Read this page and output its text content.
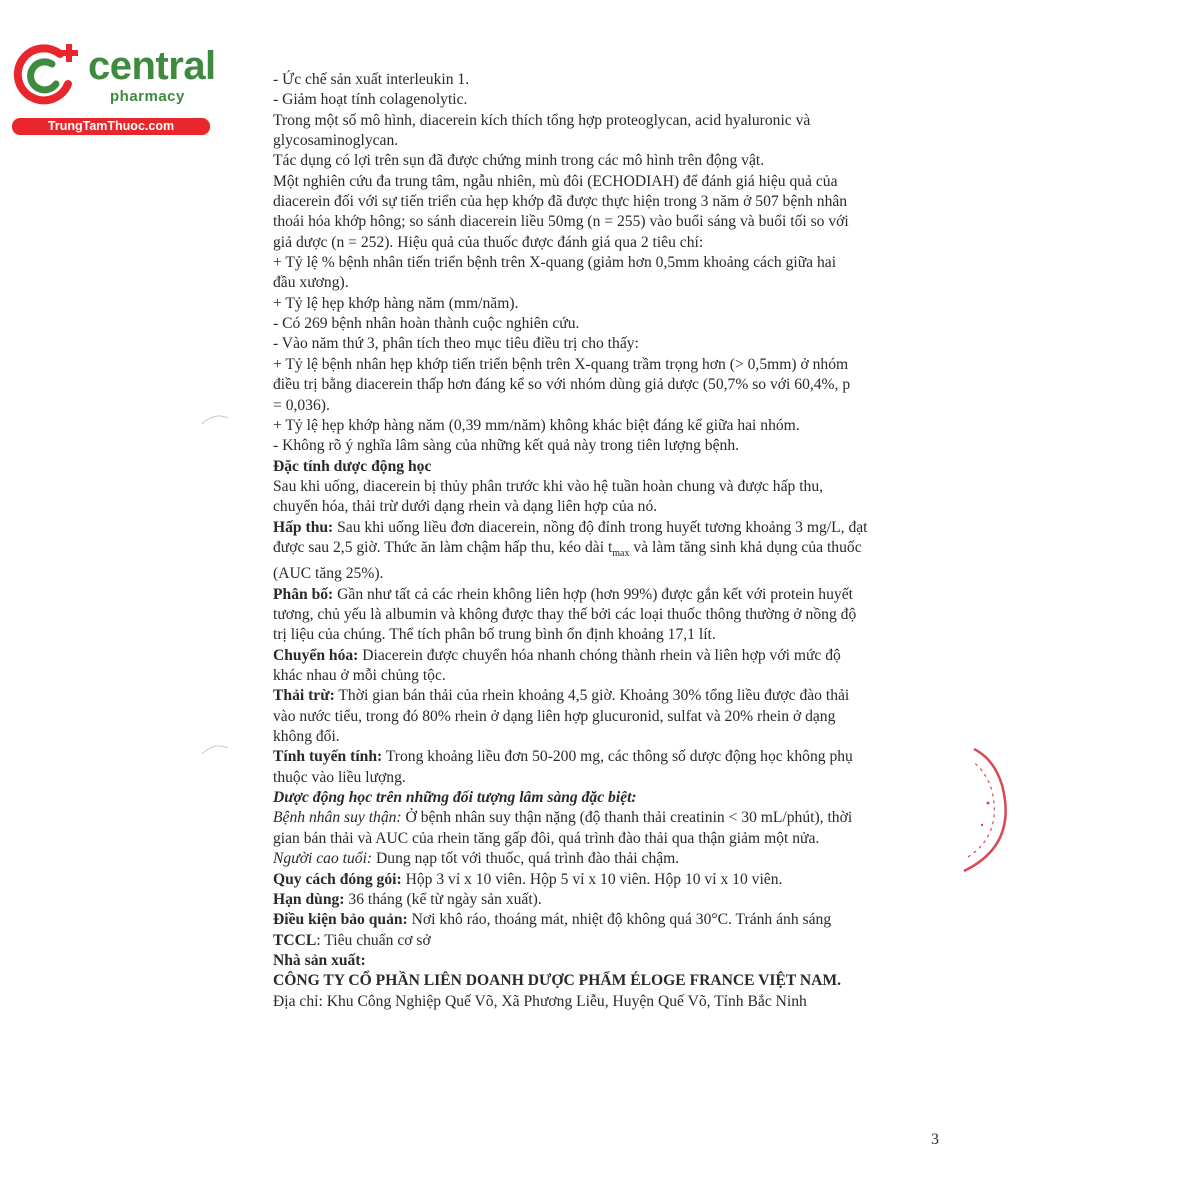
central
pharmacy
TrungTamThuoc.com

- Ức chế sản xuất interleukin 1.

- Giảm hoạt tính colagenolytic.

Trong một số mô hình, diacerein kích thích tổng hợp proteoglycan, acid hyaluronic và

glycosaminoglycan.

Tác dụng có lợi trên sụn đã được chứng minh trong các mô hình trên động vật.

Một nghiên cứu đa trung tâm, ngẫu nhiên, mù đôi (ECHODIAH) để đánh giá hiệu quả của

diacerein đối với sự tiến triển của hẹp khớp đã được thực hiện trong 3 năm ở 507 bệnh nhân

thoái hóa khớp hông; so sánh diacerein liều 50mg (n = 255) vào buổi sáng và buổi tối so với

giả dược (n = 252). Hiệu quả của thuốc được đánh giá qua 2 tiêu chí:

+ Tỷ lệ % bệnh nhân tiến triển bệnh trên X-quang (giảm hơn 0,5mm khoảng cách giữa hai

đầu xương).

+ Tỷ lệ hẹp khớp hàng năm (mm/năm).

- Có 269 bệnh nhân hoàn thành cuộc nghiên cứu.

- Vào năm thứ 3, phân tích theo mục tiêu điều trị cho thấy:

+ Tỷ lệ bệnh nhân hẹp khớp tiến triển bệnh trên X-quang trầm trọng hơn (> 0,5mm) ở nhóm

điều trị bằng diacerein thấp hơn đáng kể so với nhóm dùng giả dược (50,7% so với 60,4%, p

= 0,036).

+ Tỷ lệ hẹp khớp hàng năm (0,39 mm/năm) không khác biệt đáng kể giữa hai nhóm.

- Không rõ ý nghĩa lâm sàng của những kết quả này trong tiên lượng bệnh.

Đặc tính dược động học

Sau khi uống, diacerein bị thủy phân trước khi vào hệ tuần hoàn chung và được hấp thu,

chuyển hóa, thải trừ dưới dạng rhein và dạng liên hợp của nó.

Hấp thu: Sau khi uống liều đơn diacerein, nồng độ đỉnh trong huyết tương khoảng 3 mg/L, đạt

được sau 2,5 giờ. Thức ăn làm chậm hấp thu, kéo dài $t_{max}$ và làm tăng sinh khả dụng của thuốc

(AUC tăng 25%).

Phân bố: Gần như tất cả các rhein không liên hợp (hơn 99%) được gắn kết với protein huyết

tương, chủ yếu là albumin và không được thay thế bởi các loại thuốc thông thường ở nồng độ

trị liệu của chúng. Thể tích phân bố trung bình ổn định khoảng 17,1 lít.

Chuyển hóa: Diacerein được chuyển hóa nhanh chóng thành rhein và liên hợp với mức độ

khác nhau ở mỗi chủng tộc.

Thải trừ: Thời gian bán thải của rhein khoảng 4,5 giờ. Khoảng 30% tổng liều được đào thải

vào nước tiểu, trong đó 80% rhein ở dạng liên hợp glucuronid, sulfat và 20% rhein ở dạng

không đổi.

Tính tuyến tính: Trong khoảng liều đơn 50-200 mg, các thông số dược động học không phụ

thuộc vào liều lượng.

Dược động học trên những đối tượng lâm sàng đặc biệt:

Bệnh nhân suy thận: Ở bệnh nhân suy thận nặng (độ thanh thải creatinin < 30 mL/phút), thời

gian bán thải và AUC của rhein tăng gấp đôi, quá trình đào thải qua thận giảm một nửa.

Người cao tuổi: Dung nạp tốt với thuốc, quá trình đào thải chậm.

Quy cách đóng gói: Hộp 3 vỉ x 10 viên. Hộp 5 vỉ x 10 viên. Hộp 10 vỉ x 10 viên.

Hạn dùng: 36 tháng (kể từ ngày sản xuất).

Điều kiện bảo quản: Nơi khô ráo, thoáng mát, nhiệt độ không quá 30°C. Tránh ánh sáng

TCCL: Tiêu chuẩn cơ sở

Nhà sản xuất:

CÔNG TY CỔ PHẦN LIÊN DOANH DƯỢC PHẨM ÉLOGE FRANCE VIỆT NAM.

Địa chỉ: Khu Công Nghiệp Quế Võ, Xã Phương Liễu, Huyện Quế Võ, Tỉnh Bắc Ninh

3
